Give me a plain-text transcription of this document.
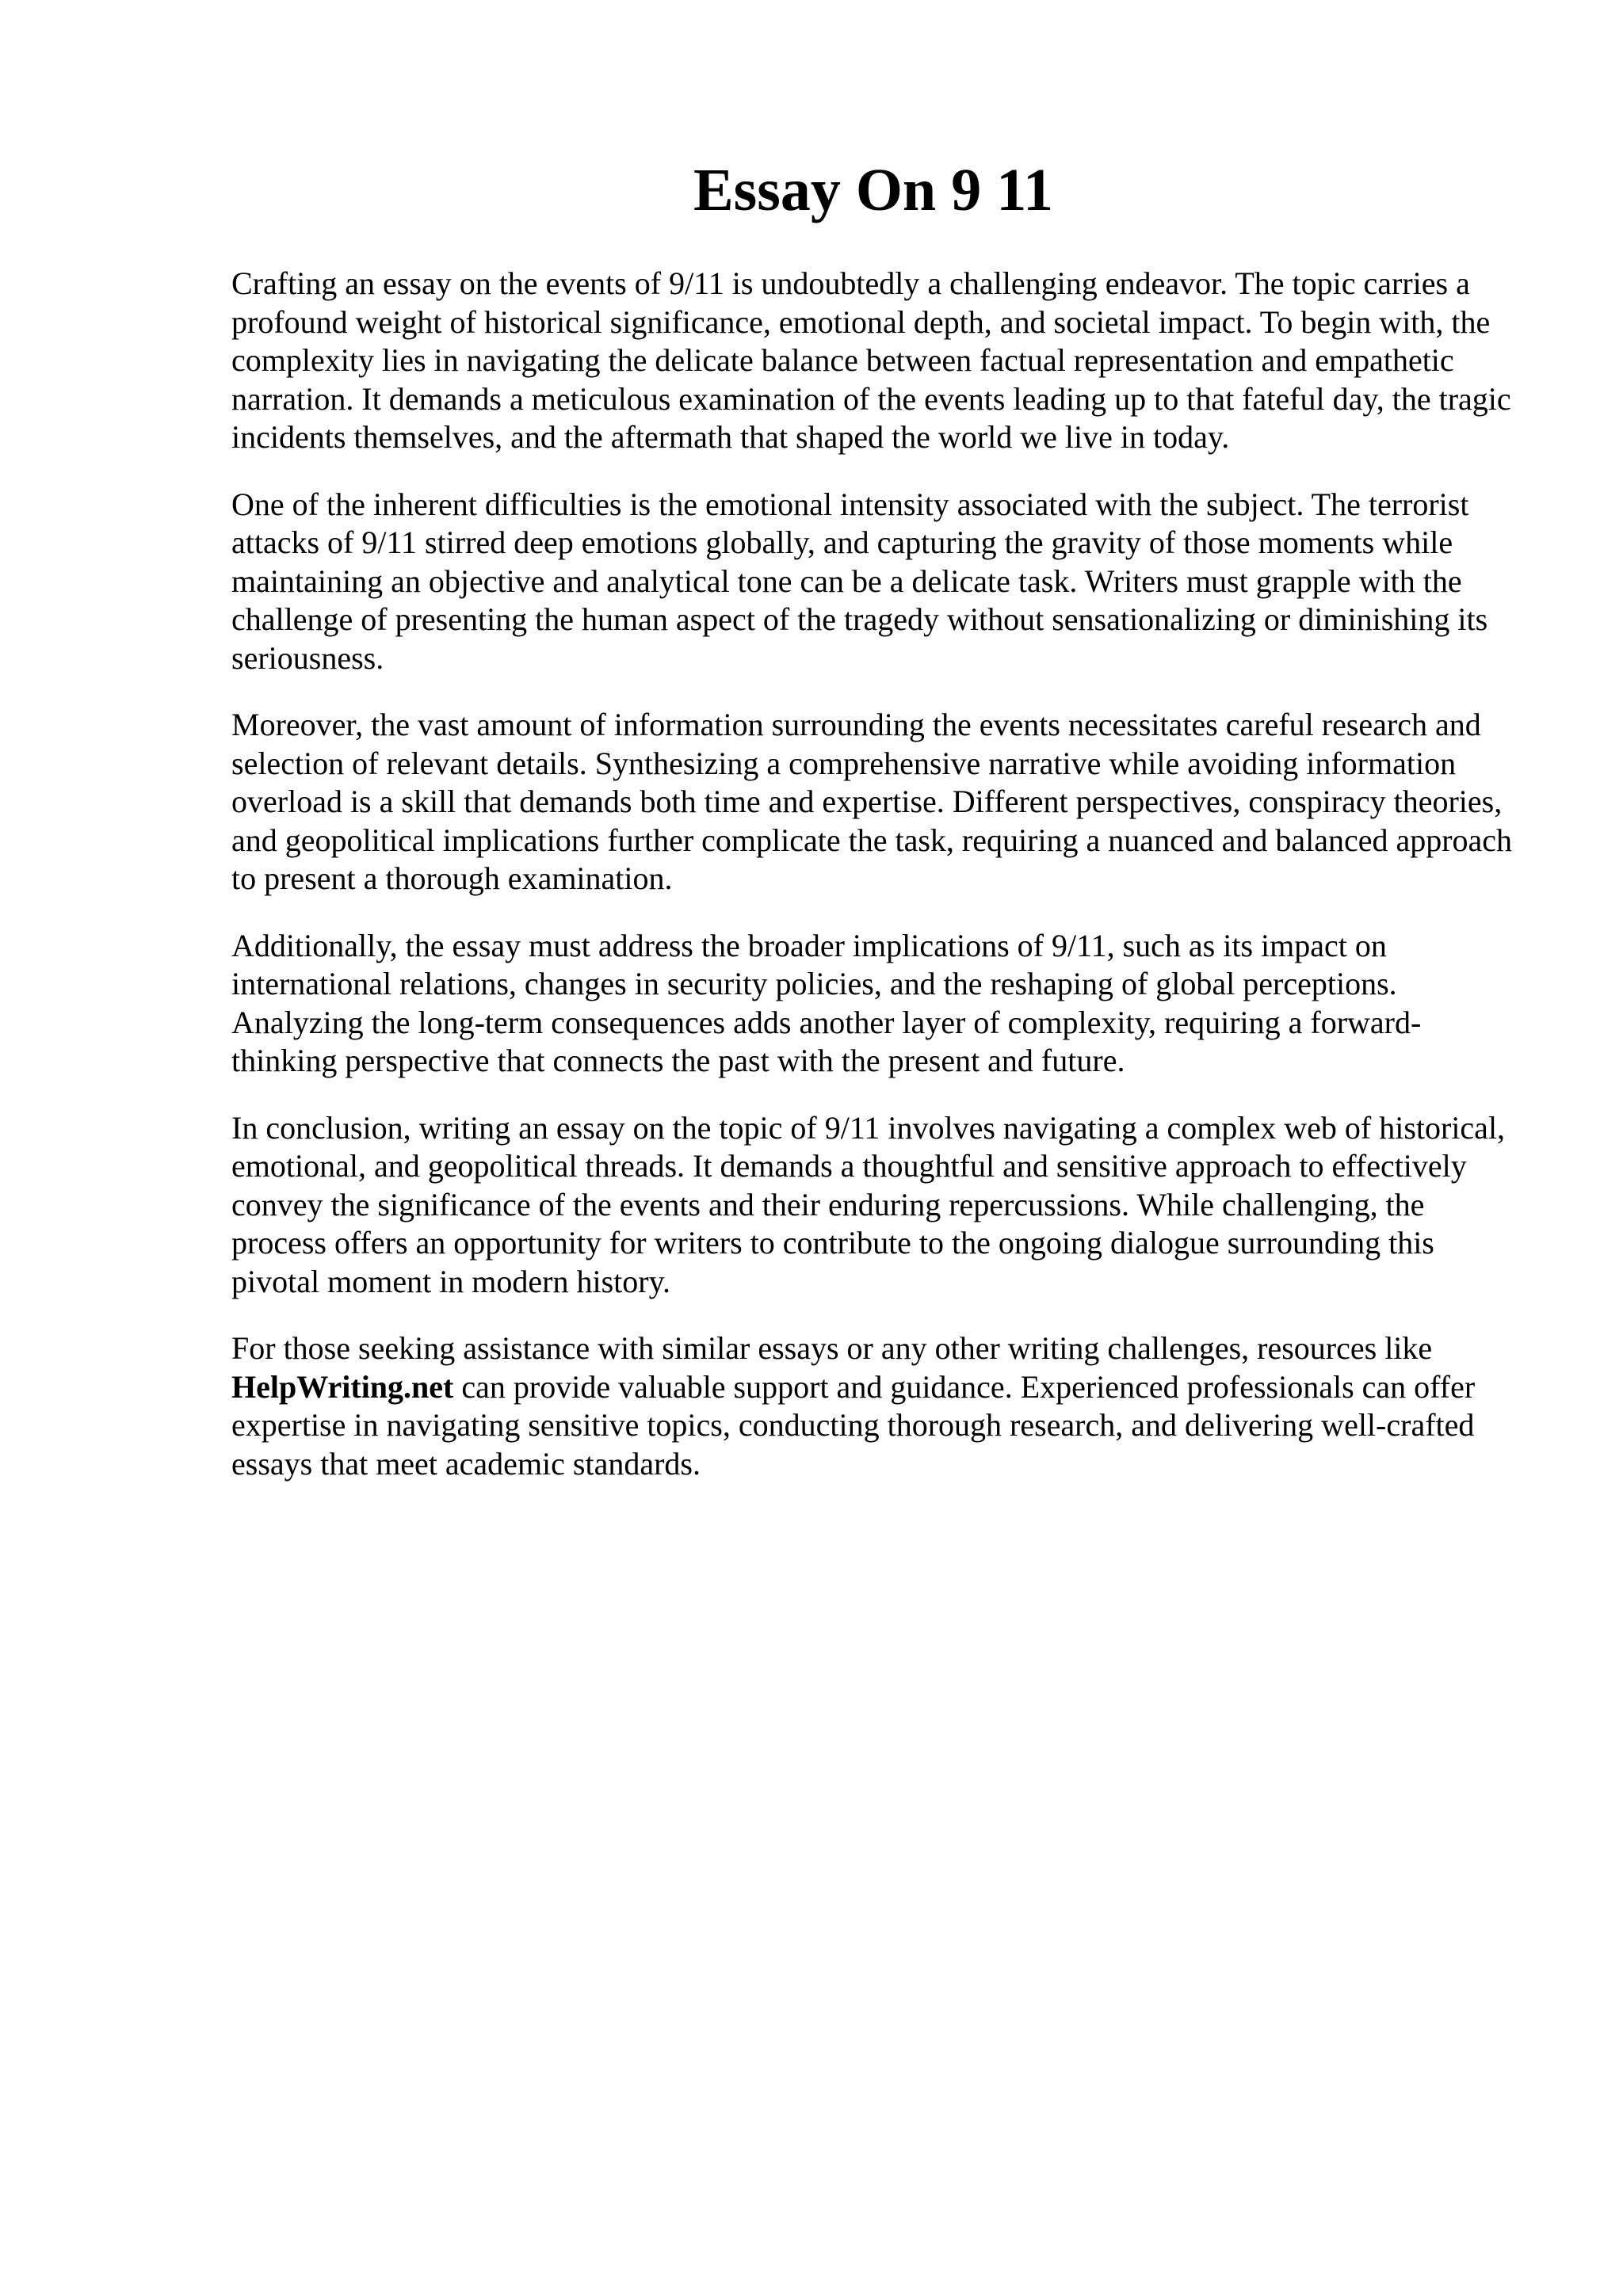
Essay On 9 11

Crafting an essay on the events of 9/11 is undoubtedly a challenging endeavor. The topic carries a profound weight of historical significance, emotional depth, and societal impact. To begin with, the complexity lies in navigating the delicate balance between factual representation and empathetic narration. It demands a meticulous examination of the events leading up to that fateful day, the tragic incidents themselves, and the aftermath that shaped the world we live in today.

One of the inherent difficulties is the emotional intensity associated with the subject. The terrorist attacks of 9/11 stirred deep emotions globally, and capturing the gravity of those moments while maintaining an objective and analytical tone can be a delicate task. Writers must grapple with the challenge of presenting the human aspect of the tragedy without sensationalizing or diminishing its seriousness.

Moreover, the vast amount of information surrounding the events necessitates careful research and selection of relevant details. Synthesizing a comprehensive narrative while avoiding information overload is a skill that demands both time and expertise. Different perspectives, conspiracy theories, and geopolitical implications further complicate the task, requiring a nuanced and balanced approach to present a thorough examination.

Additionally, the essay must address the broader implications of 9/11, such as its impact on international relations, changes in security policies, and the reshaping of global perceptions. Analyzing the long-term consequences adds another layer of complexity, requiring a forward-thinking perspective that connects the past with the present and future.

In conclusion, writing an essay on the topic of 9/11 involves navigating a complex web of historical, emotional, and geopolitical threads. It demands a thoughtful and sensitive approach to effectively convey the significance of the events and their enduring repercussions. While challenging, the process offers an opportunity for writers to contribute to the ongoing dialogue surrounding this pivotal moment in modern history.

For those seeking assistance with similar essays or any other writing challenges, resources like HelpWriting.net can provide valuable support and guidance. Experienced professionals can offer expertise in navigating sensitive topics, conducting thorough research, and delivering well-crafted essays that meet academic standards.
